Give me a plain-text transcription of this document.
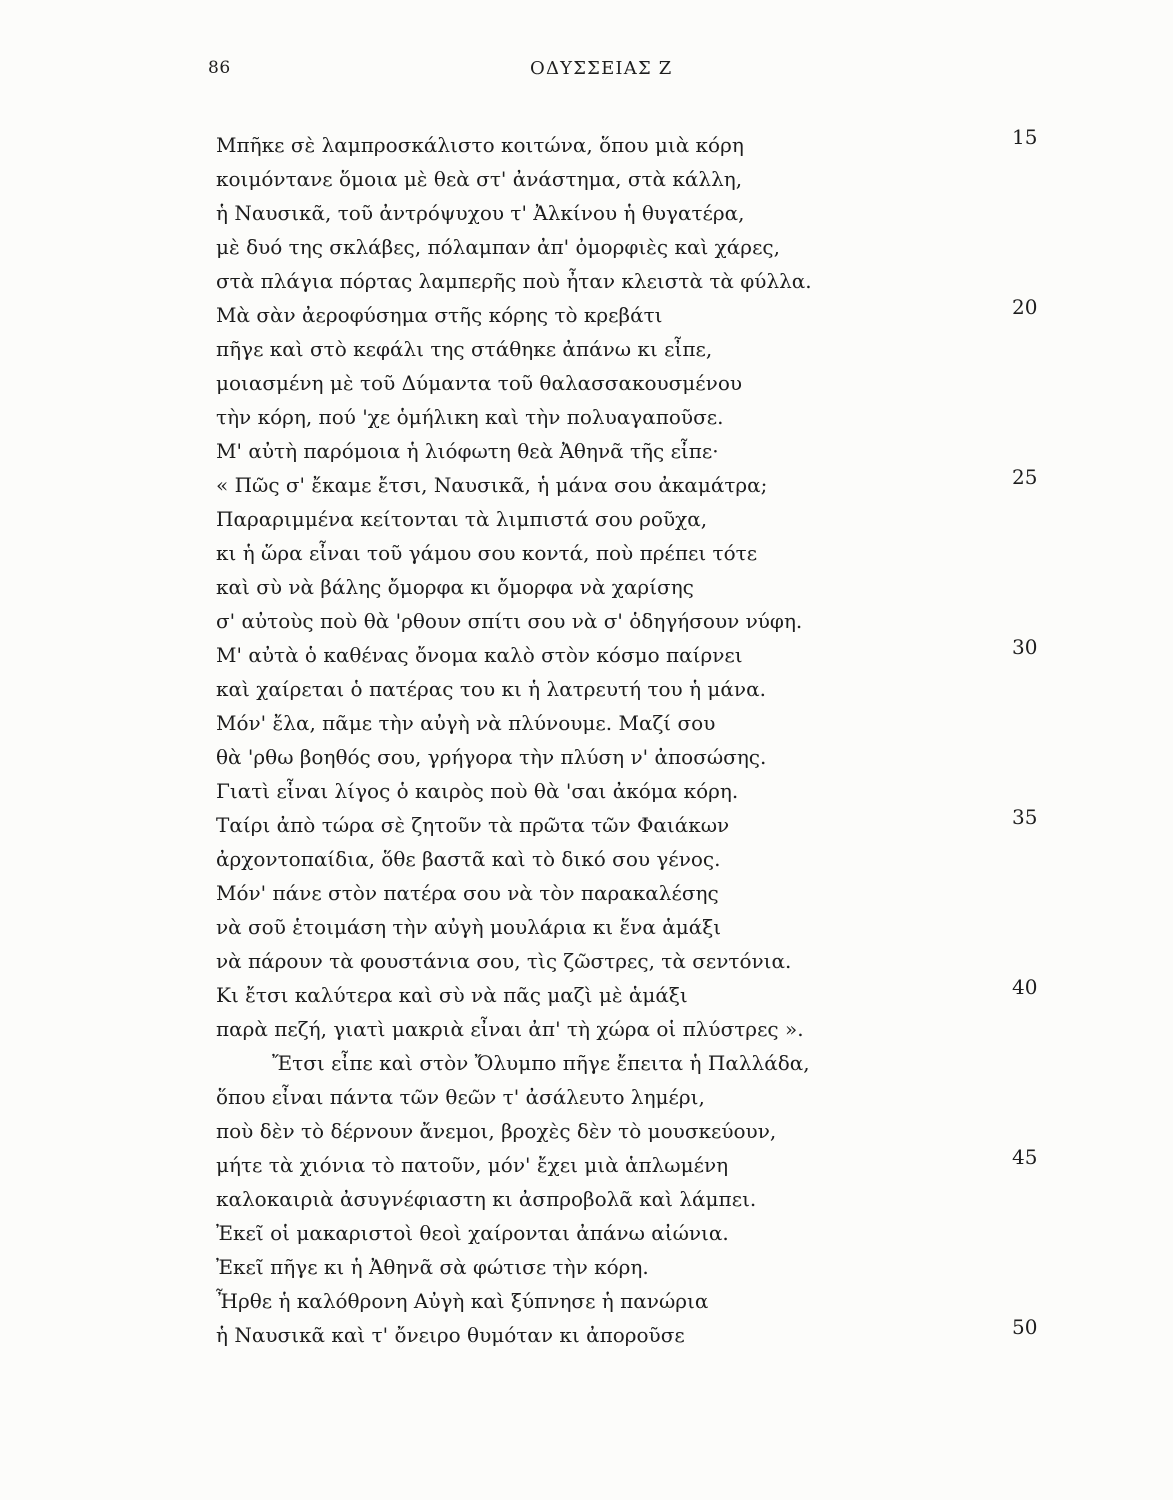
86	ΟΔΥΣΣΕΙΑΣ Ζ
Μπῆκε σὲ λαμπροσκάλιστο κοιτώνα, ὅπου μιὰ κόρη	15
κοιμόντανε ὅμοια μὲ θεὰ στ' ἀνάστημα, στὰ κάλλη,
ἡ Ναυσικᾶ, τοῦ ἀντρόψυχου τ' Ἀλκίνου ἡ θυγατέρα,
μὲ δυό της σκλάβες, πόλαμπαν ἀπ' ὀμορφιὲς καὶ χάρες,
στὰ πλάγια πόρτας λαμπερῆς ποὺ ἦταν κλειστὰ τὰ φύλλα.
Μὰ σὰν ἀεροφύσημα στῆς κόρης τὸ κρεβάτι	20
πῆγε καὶ στὸ κεφάλι της στάθηκε ἀπάνω κι εἶπε,
μοιασμένη μὲ τοῦ Δύμαντα τοῦ θαλασσακουσμένου
τὴν κόρη, πού 'χε ὁμήλικη καὶ τὴν πολυαγαποῦσε.
Μ' αὐτὴ παρόμοια ἡ λιόφωτη θεὰ Ἀθηνᾶ τῆς εἶπε·
« Πῶς σ' ἔκαμε ἔτσι, Ναυσικᾶ, ἡ μάνα σου ἀκαμάτρα;	25
Παραριμμένα κείτονται τὰ λιμπιστά σου ροῦχα,
κι ἡ ὥρα εἶναι τοῦ γάμου σου κοντά, ποὺ πρέπει τότε
καὶ σὺ νὰ βάλης ὄμορφα κι ὄμορφα νὰ χαρίσης
σ' αὐτοὺς ποὺ θὰ 'ρθουν σπίτι σου νὰ σ' ὁδηγήσουν νύφη.
Μ' αὐτὰ ὁ καθένας ὄνομα καλὸ στὸν κόσμο παίρνει	30
καὶ χαίρεται ὁ πατέρας του κι ἡ λατρευτή του ἡ μάνα.
Μόν' ἔλα, πᾶμε τὴν αὐγὴ νὰ πλύνουμε. Μαζί σου
θὰ 'ρθω βοηθός σου, γρήγορα τὴν πλύση ν' ἀποσώσης.
Γιατὶ εἶναι λίγος ὁ καιρὸς ποὺ θὰ 'σαι ἀκόμα κόρη.
Ταίρι ἀπὸ τώρα σὲ ζητοῦν τὰ πρῶτα τῶν Φαιάκων	35
ἀρχοντοπαίδια, ὅθε βαστᾶ καὶ τὸ δικό σου γένος.
Μόν' πάνε στὸν πατέρα σου νὰ τὸν παρακαλέσης
νὰ σοῦ ἑτοιμάση τὴν αὐγὴ μουλάρια κι ἕνα ἁμάξι
νὰ πάρουν τὰ φουστάνια σου, τὶς ζῶστρες, τὰ σεντόνια.
Κι ἔτσι καλύτερα καὶ σὺ νὰ πᾶς μαζὶ μὲ ἁμάξι	40
παρὰ πεζή, γιατὶ μακριὰ εἶναι ἀπ' τὴ χώρα οἱ πλύστρες ».
Ἔτσι εἶπε καὶ στὸν Ὄλυμπο πῆγε ἔπειτα ἡ Παλλάδα,
ὅπου εἶναι πάντα τῶν θεῶν τ' ἀσάλευτο λημέρι,
ποὺ δὲν τὸ δέρνουν ἄνεμοι, βροχὲς δὲν τὸ μουσκεύουν,
μήτε τὰ χιόνια τὸ πατοῦν, μόν' ἔχει μιὰ ἁπλωμένη	45
καλοκαιριὰ ἀσυγνέφιαστη κι ἀσπροβολᾶ καὶ λάμπει.
Ἐκεῖ οἱ μακαριστοὶ θεοὶ χαίρονται ἀπάνω αἰώνια.
Ἐκεῖ πῆγε κι ἡ Ἀθηνᾶ σὰ φώτισε τὴν κόρη.
Ἦρθε ἡ καλόθρονη Αὐγὴ καὶ ξύπνησε ἡ πανώρια
ἡ Ναυσικᾶ καὶ τ' ὄνειρο θυμόταν κι ἀποροῦσε	50
